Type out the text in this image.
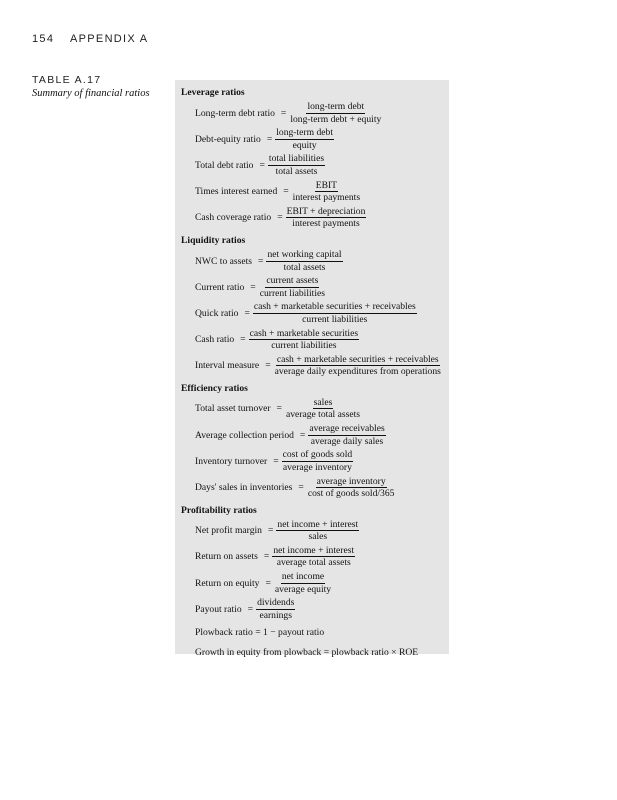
154 APPENDIX A
TABLE A.17
Summary of financial ratios	Leverage ratios
Long-term debt ratio = $\frac{\text{long-term debt}}{\text{long-term debt + equity}}$
Debt-equity ratio = $\frac{\text{long-term debt}}{\text{equity}}$
Total debt ratio = $\frac{\text{total liabilities}}{\text{total assets}}$
Times interest earned = $\frac{\text{EBIT}}{\text{interest payments}}$
Cash coverage ratio = $\frac{\text{EBIT + depreciation}}{\text{interest payments}}$
Liquidity ratios
NWC to assets = $\frac{\text{net working capital}}{\text{total assets}}$
Current ratio = $\frac{\text{current assets}}{\text{current liabilities}}$
Quick ratio = $\frac{\text{cash + marketable securities + receivables}}{\text{current liabilities}}$
Cash ratio = $\frac{\text{cash + marketable securities}}{\text{current liabilities}}$
Interval measure = $\frac{\text{cash + marketable securities + receivables}}{\text{average daily expenditures from operations}}$
Efficiency ratios
Total asset turnover = $\frac{\text{sales}}{\text{average total assets}}$
Average collection period = $\frac{\text{average receivables}}{\text{average daily sales}}$
Inventory turnover = $\frac{\text{cost of goods sold}}{\text{average inventory}}$
Days' sales in inventories = $\frac{\text{average inventory}}{\text{cost of goods sold/365}}$
Profitability ratios
Net profit margin = $\frac{\text{net income + interest}}{\text{sales}}$
Return on assets = $\frac{\text{net income + interest}}{\text{average total assets}}$
Return on equity = $\frac{\text{net income}}{\text{average equity}}$
Payout ratio = $\frac{\text{dividends}}{\text{earnings}}$
Plowback ratio = 1 − payout ratio
Growth in equity from plowback = plowback ratio × ROE
